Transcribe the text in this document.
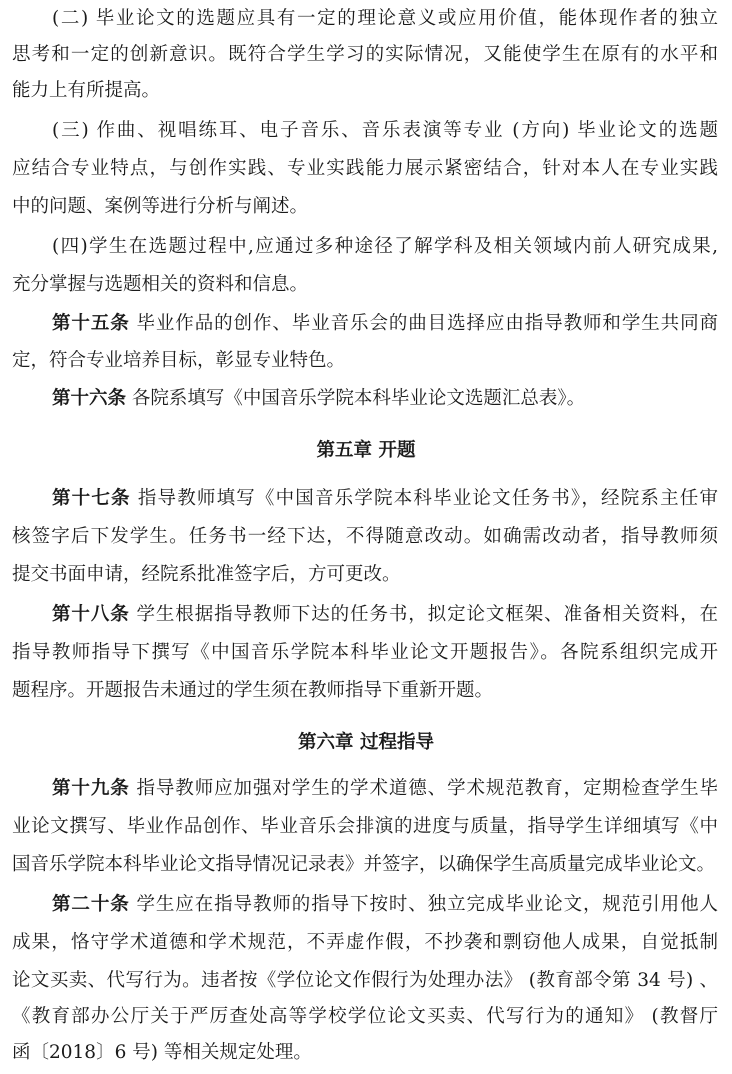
(二) 毕业论文的选题应具有一定的理论意义或应用价值，能体现作者的独立
思考和一定的创新意识。既符合学生学习的实际情况，又能使学生在原有的水平和
能力上有所提高。
(三) 作曲、视唱练耳、电子音乐、音乐表演等专业 (方向) 毕业论文的选题
应结合专业特点，与创作实践、专业实践能力展示紧密结合，针对本人在专业实践
中的问题、案例等进行分析与阐述。
(四)学生在选题过程中,应通过多种途径了解学科及相关领域内前人研究成果,
充分掌握与选题相关的资料和信息。
第十五条 毕业作品的创作、毕业音乐会的曲目选择应由指导教师和学生共同商
定，符合专业培养目标，彰显专业特色。
第十六条 各院系填写《中国音乐学院本科毕业论文选题汇总表》。
第五章 开题
第十七条 指导教师填写《中国音乐学院本科毕业论文任务书》，经院系主任审
核签字后下发学生。任务书一经下达，不得随意改动。如确需改动者，指导教师须
提交书面申请，经院系批准签字后，方可更改。
第十八条 学生根据指导教师下达的任务书，拟定论文框架、准备相关资料，在
指导教师指导下撰写《中国音乐学院本科毕业论文开题报告》。各院系组织完成开
题程序。开题报告未通过的学生须在教师指导下重新开题。
第六章 过程指导
第十九条 指导教师应加强对学生的学术道德、学术规范教育，定期检查学生毕
业论文撰写、毕业作品创作、毕业音乐会排演的进度与质量，指导学生详细填写《中
国音乐学院本科毕业论文指导情况记录表》并签字，以确保学生高质量完成毕业论文。
第二十条 学生应在指导教师的指导下按时、独立完成毕业论文，规范引用他人
成果，恪守学术道德和学术规范，不弄虚作假，不抄袭和剽窃他人成果，自觉抵制
论文买卖、代写行为。违者按《学位论文作假行为处理办法》 (教育部令第 34 号) 、
《教育部办公厅关于严厉查处高等学校学位论文买卖、代写行为的通知》 (教督厅
函〔2018〕6 号) 等相关规定处理。
